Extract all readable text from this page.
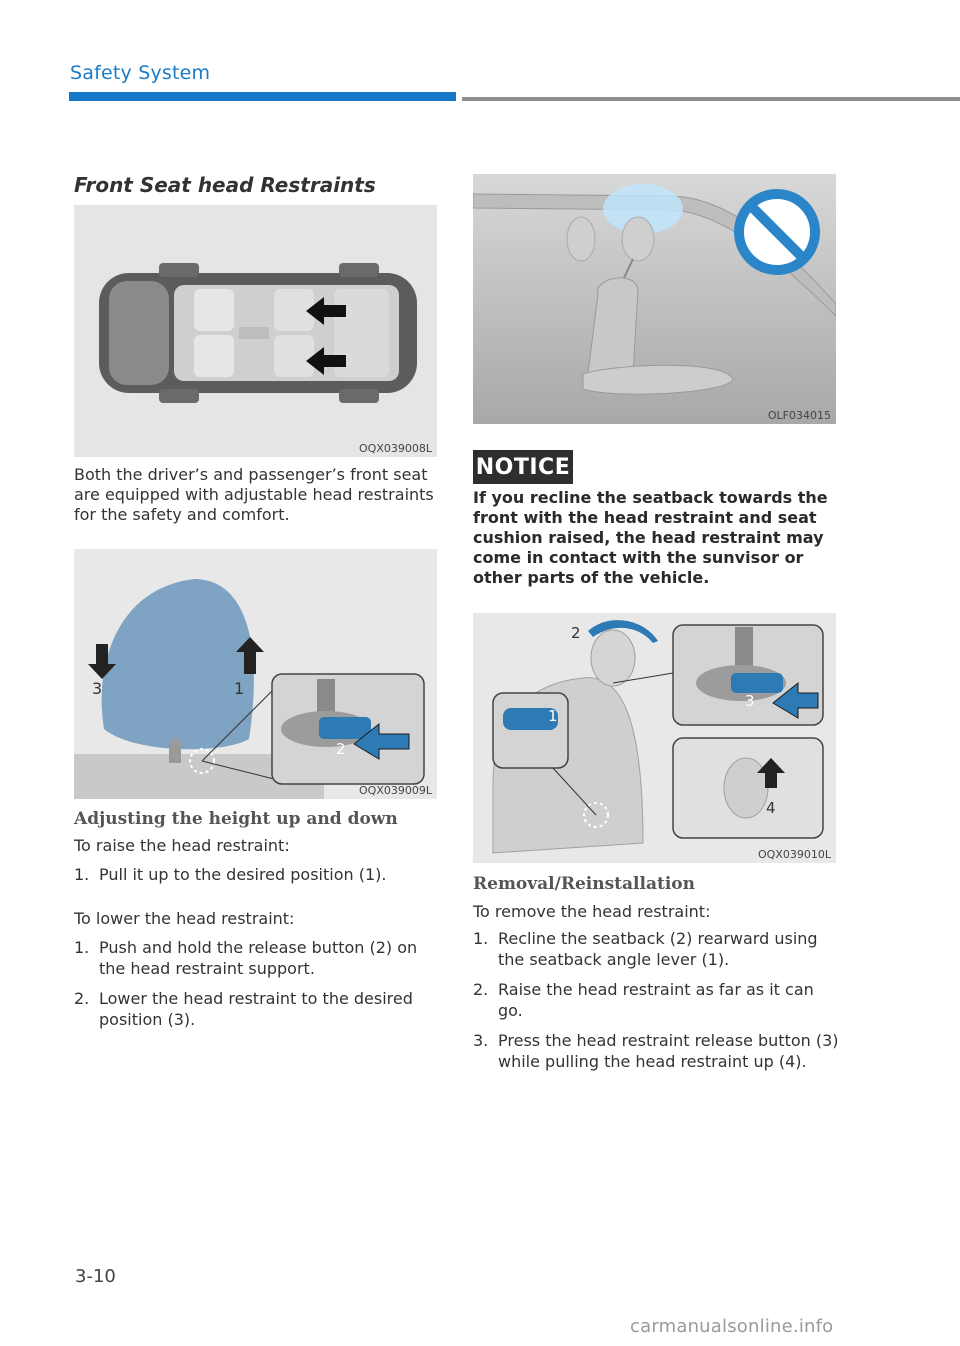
Safety System
Front Seat head Restraints
OQX039008L
Both the driver’s and passenger’s front seat are equipped with adjustable head restraints for the safety and comfort.
3	1
2
OQX039009L
Adjusting the height up and down
To raise the head restraint:
1. Pull it up to the desired position (1).
To lower the head restraint:
1. Push and hold the release button (2) on the head restraint support.
2. Lower the head restraint to the desired position (3).
OLF034015
NOTICE
If you recline the seatback towards the front with the head restraint and seat cushion raised, the head restraint may come in contact with the sunvisor or other parts of the vehicle.
2
1
3
4
OQX039010L
Removal/Reinstallation
To remove the head restraint:
1. Recline the seatback (2) rearward using the seatback angle lever (1).
2. Raise the head restraint as far as it can go.
3. Press the head restraint release button (3) while pulling the head restraint up (4).
3-10
carmanualsonline.info
